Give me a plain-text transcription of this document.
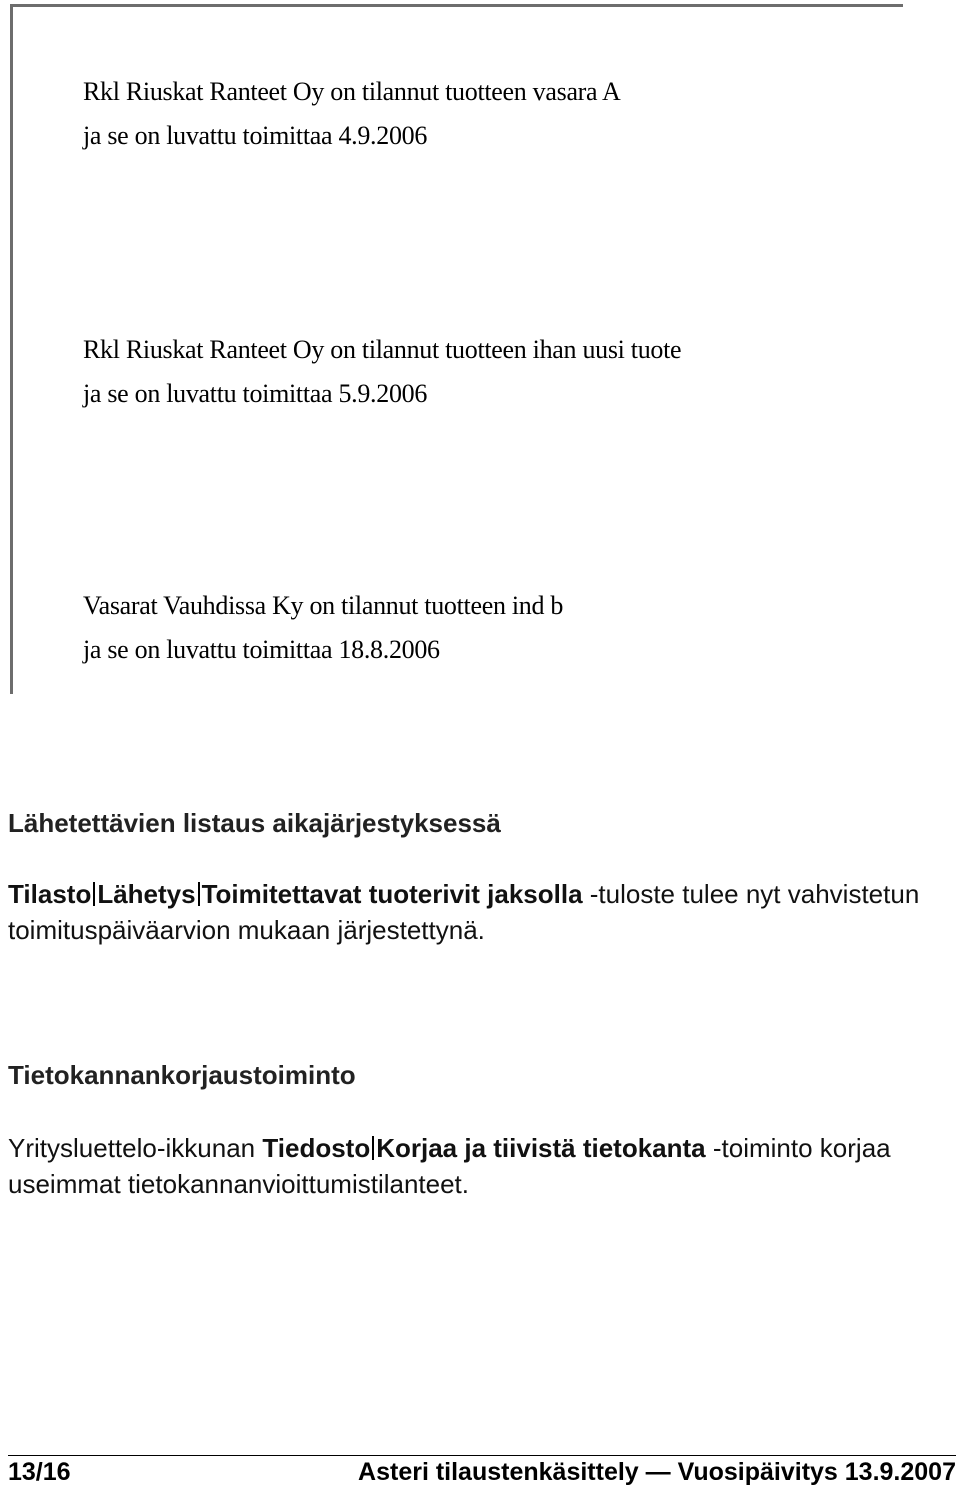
Rkl Riuskat Ranteet Oy on tilannut tuotteen vasara A

ja se on luvattu toimittaa 4.9.2006

Rkl Riuskat Ranteet Oy on tilannut tuotteen ihan uusi tuote

ja se on luvattu toimittaa 5.9.2006

Vasarat Vauhdissa Ky on tilannut tuotteen ind b

ja se on luvattu toimittaa 18.8.2006

Lähetettävien listaus aikajärjestyksessä

Tilasto Lähetys Toimitettavat tuoterivit jaksolla -tuloste tulee nyt vahvistetun toimituspäiväarvion mukaan järjestettynä.

Tietokannankorjaustoiminto

Yritysluettelo-ikkunan Tiedosto Korjaa ja tiivistä tietokanta -toiminto korjaa useimmat tietokannanvioittumistilanteet.

13/16	Asteri tilaustenkäsittely — Vuosipäivitys 13.9.2007
